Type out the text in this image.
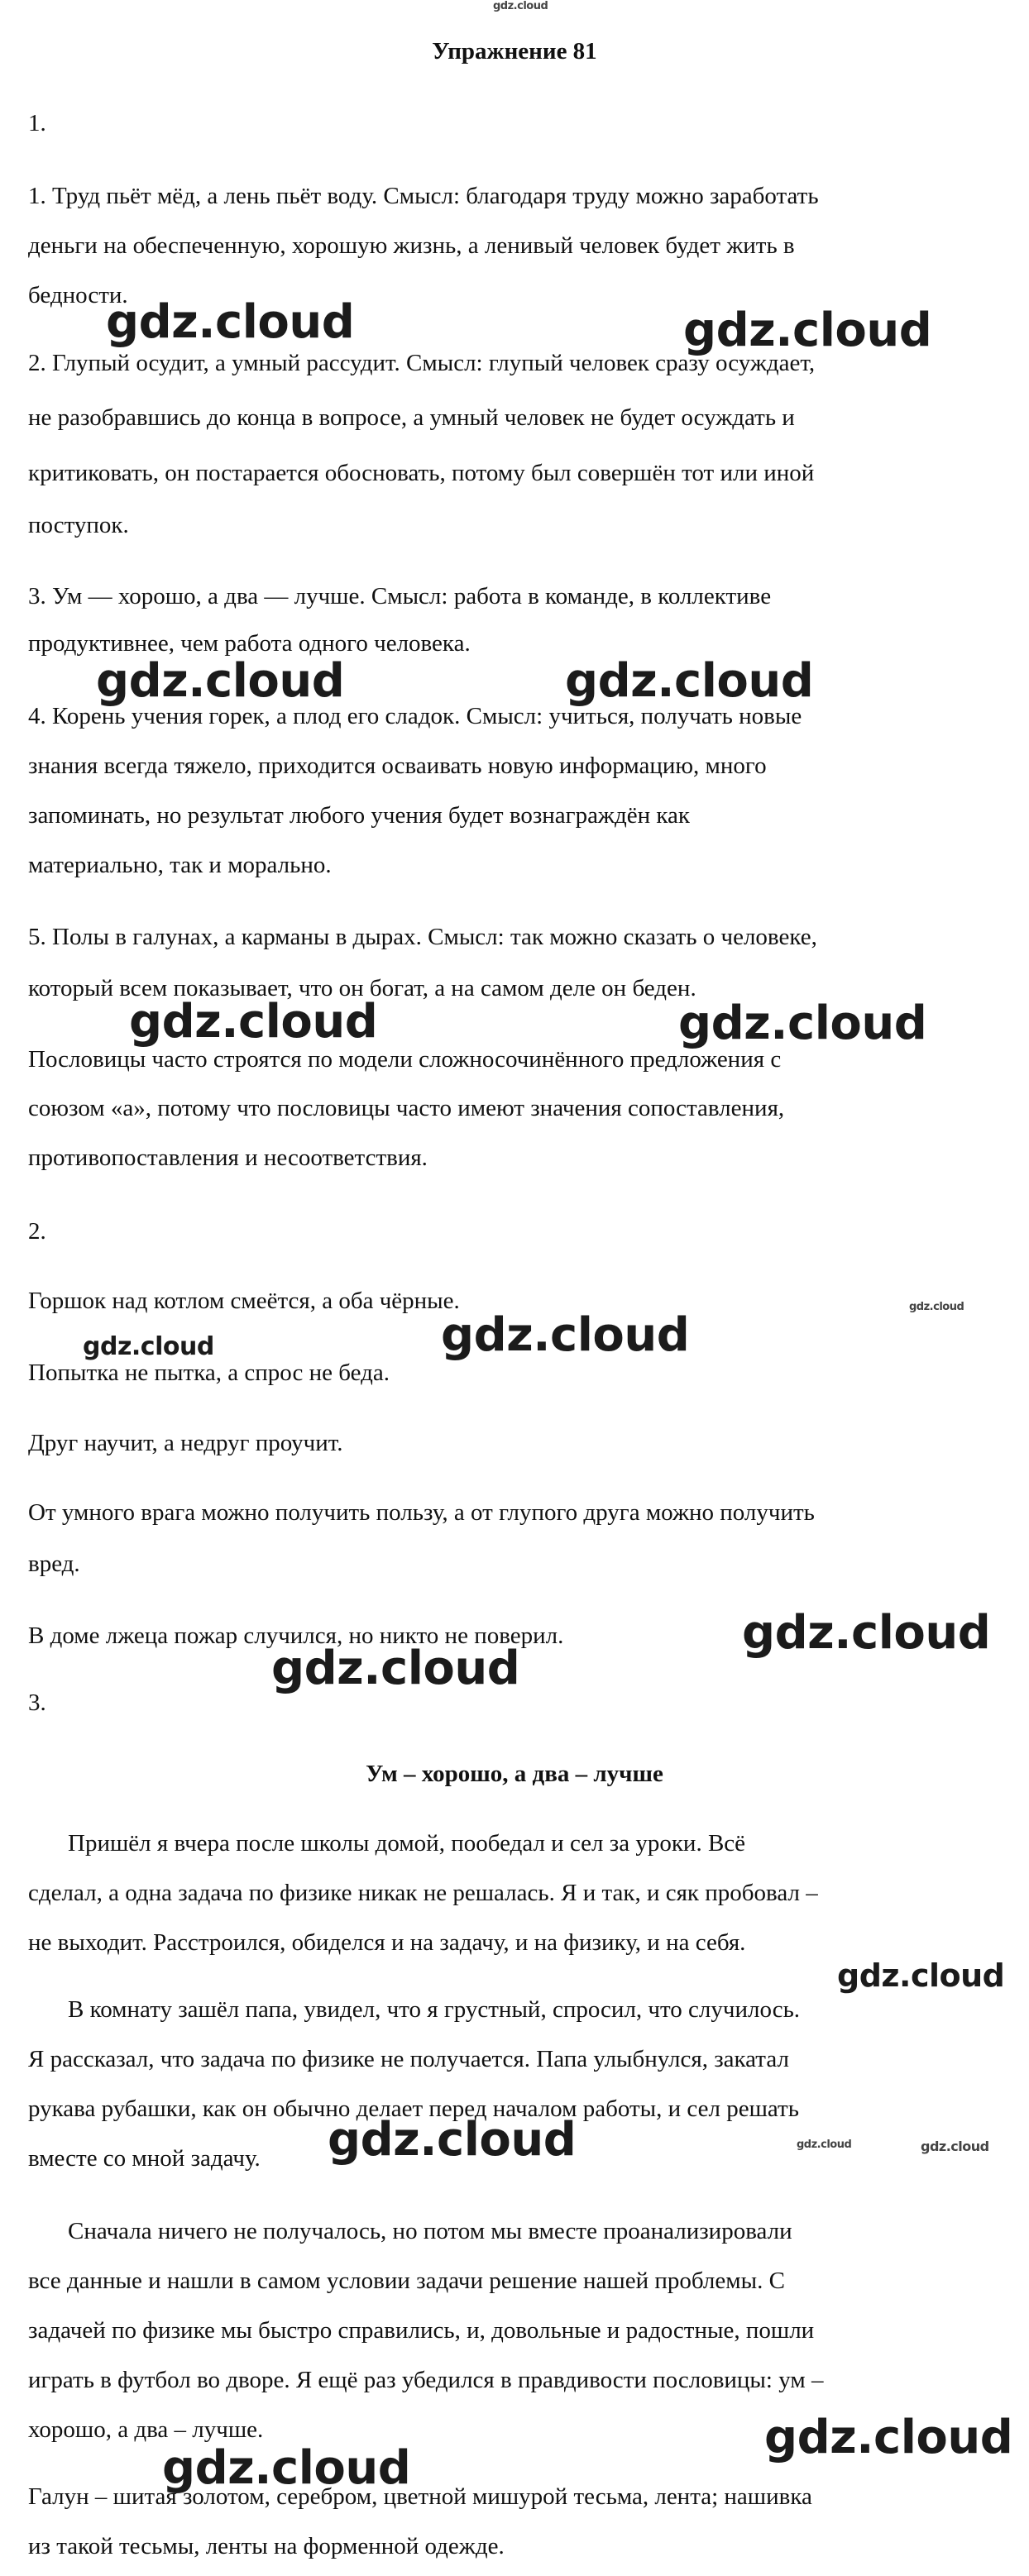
gdz.cloud
Упражнение 81
1.
1. Труд пьёт мёд, а лень пьёт воду. Смысл: благодаря труду можно заработать
деньги на обеспеченную, хорошую жизнь, а ленивый человек будет жить в
бедности.
2. Глупый осудит, а умный рассудит. Смысл: глупый человек сразу осуждает,
не разобравшись до конца в вопросе, а умный человек не будет осуждать и
критиковать, он постарается обосновать, потому был совершён тот или иной
поступок.
3. Ум — хорошо, а два — лучше. Смысл: работа в команде, в коллективе
продуктивнее, чем работа одного человека.
4. Корень учения горек, а плод его сладок. Смысл: учиться, получать новые
знания всегда тяжело, приходится осваивать новую информацию, много
запоминать, но результат любого учения будет вознаграждён как
материально, так и морально.
5. Полы в галунах, а карманы в дырах. Смысл: так можно сказать о человеке,
который всем показывает, что он богат, а на самом деле он беден.
Пословицы часто строятся по модели сложносочинённого предложения с
союзом «а», потому что пословицы часто имеют значения сопоставления,
противопоставления и несоответствия.
2.
Горшок над котлом смеётся, а оба чёрные.
Попытка не пытка, а спрос не беда.
Друг научит, а недруг проучит.
От умного врага можно получить пользу, а от глупого друга можно получить
вред.
В доме лжеца пожар случился, но никто не поверил.
3.
Ум – хорошо, а два – лучше
Пришёл я вчера после школы домой, пообедал и сел за уроки. Всё
сделал, а одна задача по физике никак не решалась. Я и так, и сяк пробовал –
не выходит. Расстроился, обиделся и на задачу, и на физику, и на себя.
В комнату зашёл папа, увидел, что я грустный, спросил, что случилось.
Я рассказал, что задача по физике не получается. Папа улыбнулся, закатал
рукава рубашки, как он обычно делает перед началом работы, и сел решать
вместе со мной задачу.
Сначала ничего не получалось, но потом мы вместе проанализировали
все данные и нашли в самом условии задачи решение нашей проблемы. С
задачей по физике мы быстро справились, и, довольные и радостные, пошли
играть в футбол во дворе. Я ещё раз убедился в правдивости пословицы: ум –
хорошо, а два – лучше.
Галун – шитая золотом, серебром, цветной мишурой тесьма, лента; нашивка
из такой тесьмы, ленты на форменной одежде.
gdz.cloud	gdz.cloud
gdz.cloud	gdz.cloud
gdz.cloud	gdz.cloud
gdz.cloud
gdz.cloud
gdz.cloud
gdz.cloud
gdz.cloud
gdz.cloud
gdz.cloud
gdz.cloud
gdz.cloud
gdz.cloud	gdz.cloud
